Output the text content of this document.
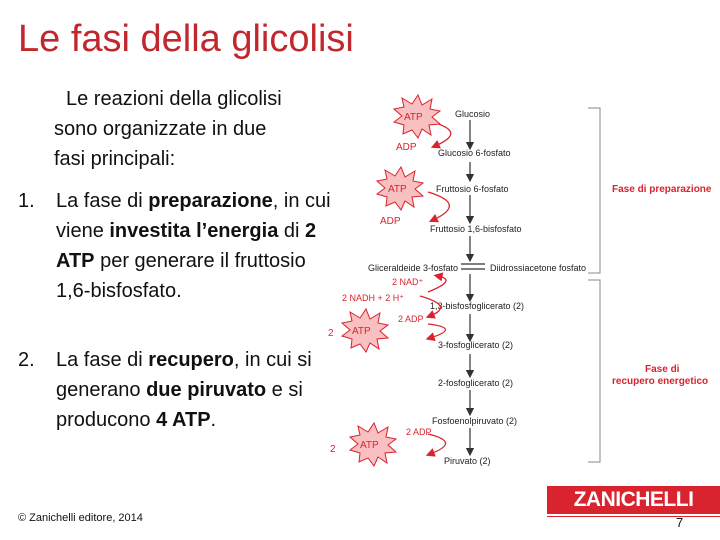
Le fasi della glicolisi
Le reazioni della glicolisi
sono organizzate in due
fasi principali:
1. La fase di preparazione, in cui viene investita l’energia di 2 ATP per generare il fruttosio 1,6-bisfosfato.
2. La fase di recupero, in cui si generano due piruvato e si producono 4 ATP.
Glucosio
Glucosio 6-fosfato
Fruttosio 6-fosfato
Fruttosio 1,6-bisfosfato
Gliceraldeide 3-fosfato	Diidrossiacetone fosfato
1,3-bisfosfoglicerato (2)
3-fosfoglicerato (2)
2-fosfoglicerato (2)
Fosfoenolpiruvato (2)
Piruvato (2)
Fase di preparazione
Fase di
recupero energetico
ATP
ADP
ATP
ADP
2 NAD⁺
2 NADH + 2 H⁺
2 ADP
2 ATP
2 ADP
2 ATP
© Zanichelli editore, 2014
ZANICHELLI
7
